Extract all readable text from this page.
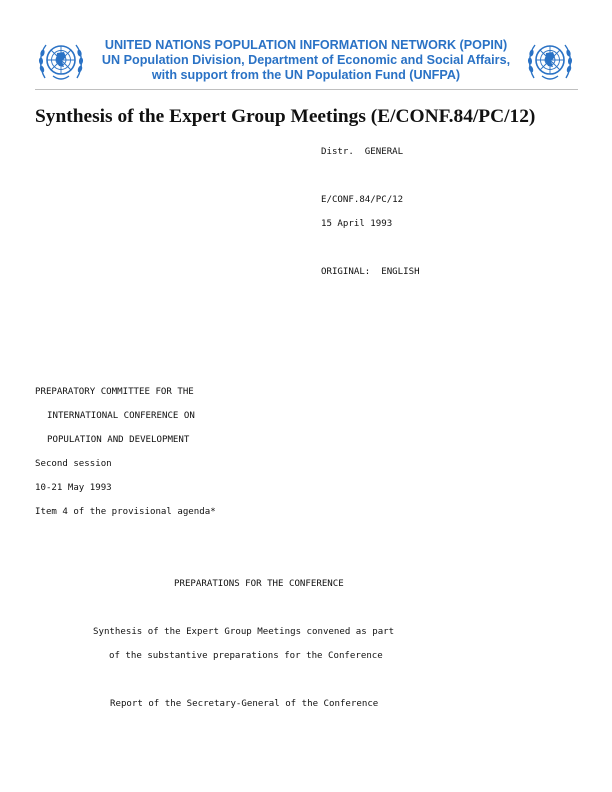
UNITED NATIONS POPULATION INFORMATION NETWORK (POPIN)
UN Population Division, Department of Economic and Social Affairs,
with support from the UN Population Fund (UNFPA)
Synthesis of the Expert Group Meetings (E/CONF.84/PC/12)
Distr.  GENERAL
E/CONF.84/PC/12
15 April 1993
ORIGINAL:  ENGLISH
PREPARATORY COMMITTEE FOR THE
INTERNATIONAL CONFERENCE ON
POPULATION AND DEVELOPMENT
Second session
10-21 May 1993
Item 4 of the provisional agenda*
PREPARATIONS FOR THE CONFERENCE
Synthesis of the Expert Group Meetings convened as part
of the substantive preparations for the Conference
Report of the Secretary-General of the Conference
